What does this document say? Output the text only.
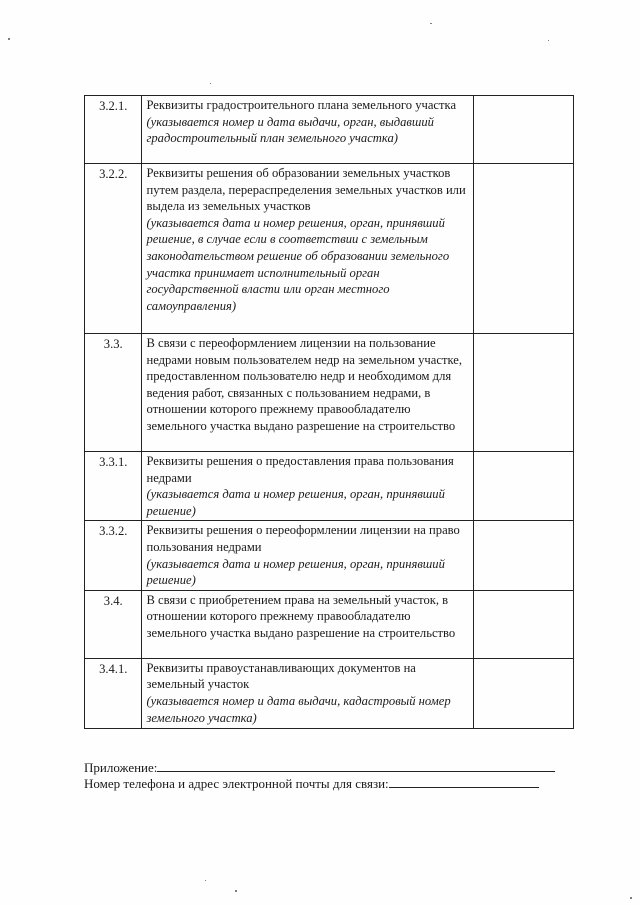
3.2.1.	Реквизиты градостроительного плана земельного участка
(указывается номер и дата выдачи, орган, выдавший градостроительный план земельного участка)	

3.2.2.	Реквизиты решения об образовании земельных участков путем раздела, перераспределения земельных участков или выдела из земельных участков
(указывается дата и номер решения, орган, принявший решение, в случае если в соответствии с земельным законодательством решение об образовании земельного участка принимает исполнительный орган государственной власти или орган местного самоуправления)	

3.3.	В связи с переоформлением лицензии на пользование недрами новым пользователем недр на земельном участке, предоставленном пользователю недр и необходимом для ведения работ, связанных с пользованием недрами, в отношении которого прежнему правообладателю земельного участка выдано разрешение на строительство	

3.3.1.	Реквизиты решения о предоставления права пользования недрами
(указывается дата и номер решения, орган, принявший решение)	

3.3.2.	Реквизиты решения о переоформлении лицензии на право пользования недрами
(указывается дата и номер решения, орган, принявший решение)	

3.4.	В связи с приобретением права на земельный участок, в отношении которого прежнему правообладателю земельного участка выдано разрешение на строительство	

3.4.1.	Реквизиты правоустанавливающих документов на земельный участок
(указывается номер и дата выдачи, кадастровый номер земельного участка)	

Приложение:
Номер телефона и адрес электронной почты для связи:
